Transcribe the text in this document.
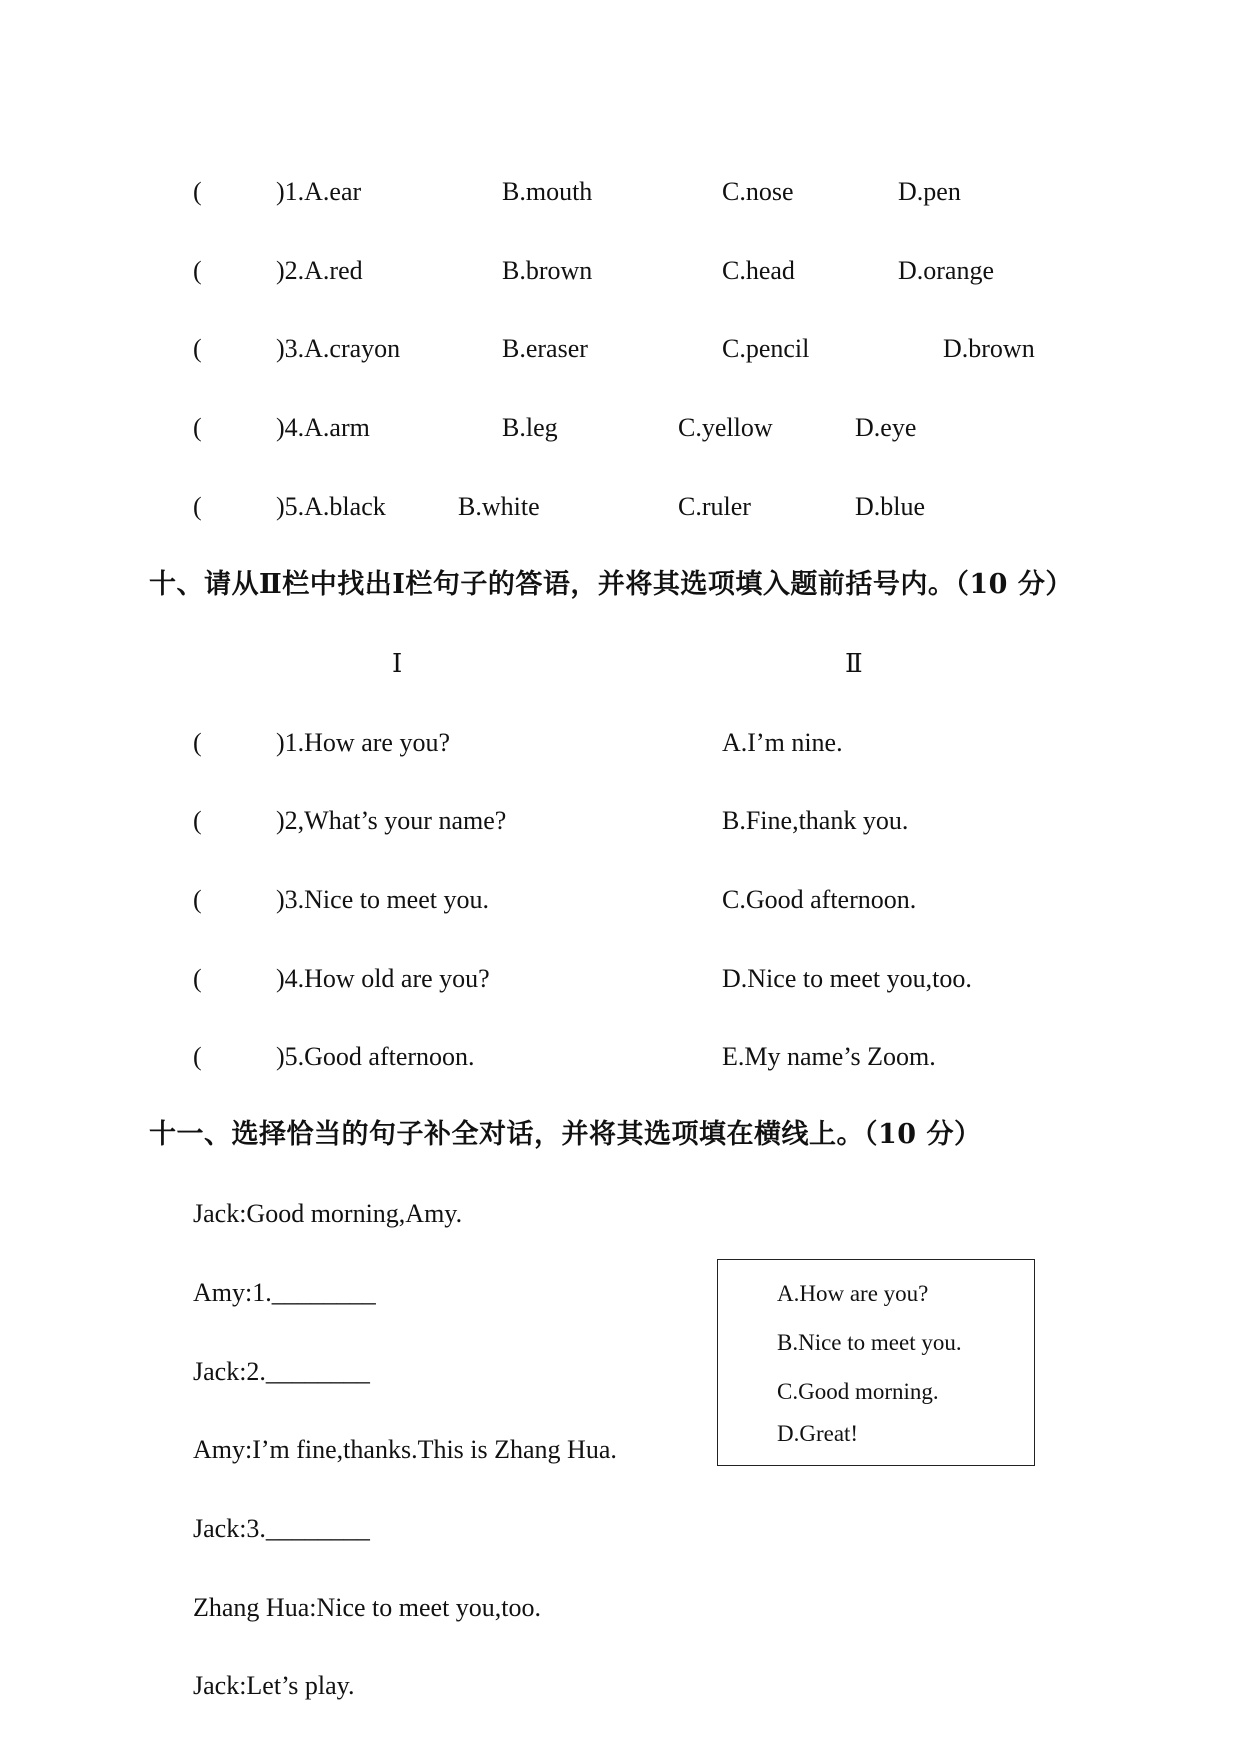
(	)1.A.ear	B.mouth	C.nose	D.pen
(	)2.A.red	B.brown	C.head	D.orange
(	)3.A.crayon	B.eraser	C.pencil	D.brown
(	)4.A.arm	B.leg	C.yellow	D.eye
(	)5.A.black	B.white	C.ruler	D.blue
十、请从Ⅱ栏中找出Ⅰ栏句子的答语，并将其选项填入题前括号内。（10 分）
Ⅰ	Ⅱ
(	)1.How are you?	A.I’m nine.
(	)2,What’s your name?	B.Fine,thank you.
(	)3.Nice to meet you.	C.Good afternoon.
(	)4.How old are you?	D.Nice to meet you,too.
(	)5.Good afternoon.	E.My name’s Zoom.
十一、选择恰当的句子补全对话，并将其选项填在横线上。（10 分）
Jack:Good morning,Amy.
Amy:1.________
Jack:2.________
Amy:I’m fine,thanks.This is Zhang Hua.
Jack:3.________
Zhang Hua:Nice to meet you,too.
Jack:Let’s play.
A.How are you?
B.Nice to meet you.
C.Good morning.
D.Great!
